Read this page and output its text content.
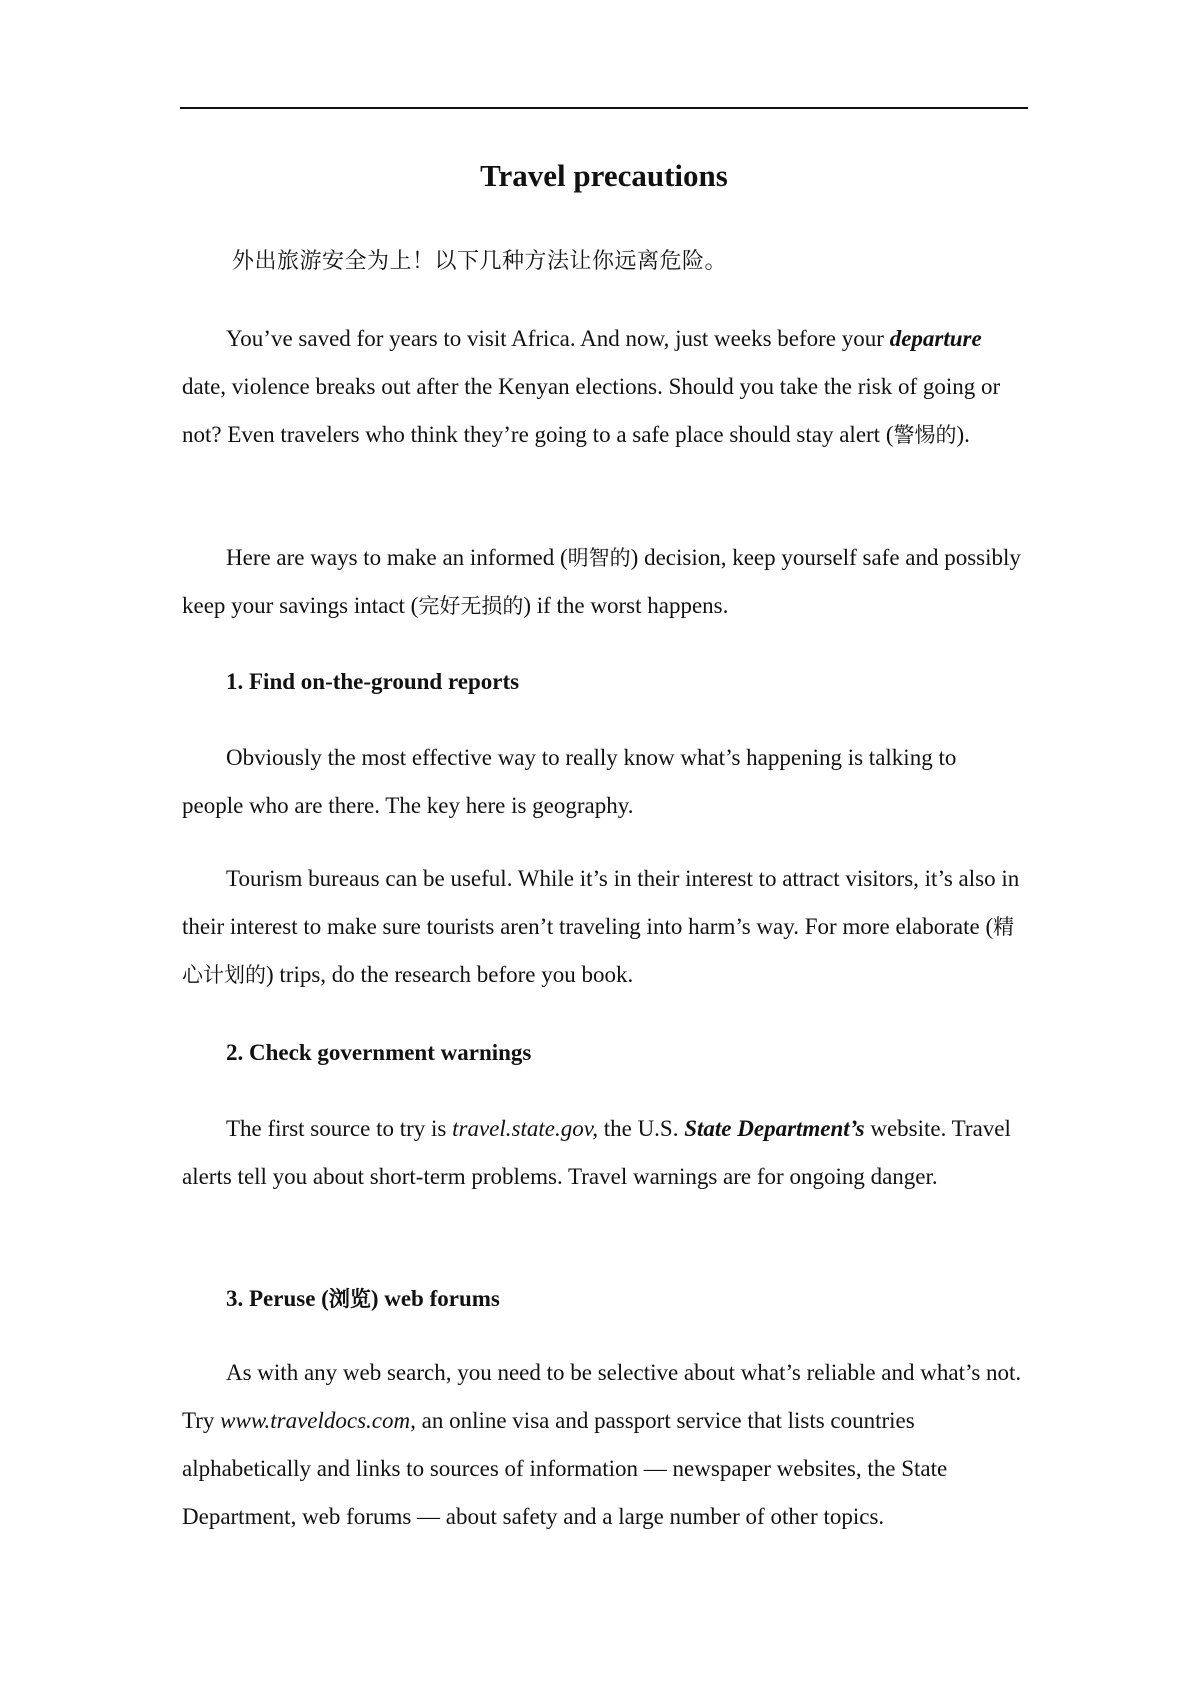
Travel precautions

外出旅游安全为上！以下几种方法让你远离危险。

You’ve saved for years to visit Africa. And now, just weeks before your departure date, violence breaks out after the Kenyan elections. Should you take the risk of going or not? Even travelers who think they’re going to a safe place should stay alert (警惕的).

Here are ways to make an informed (明智的) decision, keep yourself safe and possibly keep your savings intact (完好无损的) if the worst happens.

1. Find on-the-ground reports

Obviously the most effective way to really know what’s happening is talking to people who are there. The key here is geography.

Tourism bureaus can be useful. While it’s in their interest to attract visitors, it’s also in their interest to make sure tourists aren’t traveling into harm’s way. For more elaborate (精心计划的) trips, do the research before you book.

2. Check government warnings

The first source to try is travel.state.gov, the U.S. State Department’s website. Travel alerts tell you about short-term problems. Travel warnings are for ongoing danger.

3. Peruse (浏览) web forums

As with any web search, you need to be selective about what’s reliable and what’s not. Try www.traveldocs.com, an online visa and passport service that lists countries alphabetically and links to sources of information — newspaper websites, the State Department, web forums — about safety and a large number of other topics.
